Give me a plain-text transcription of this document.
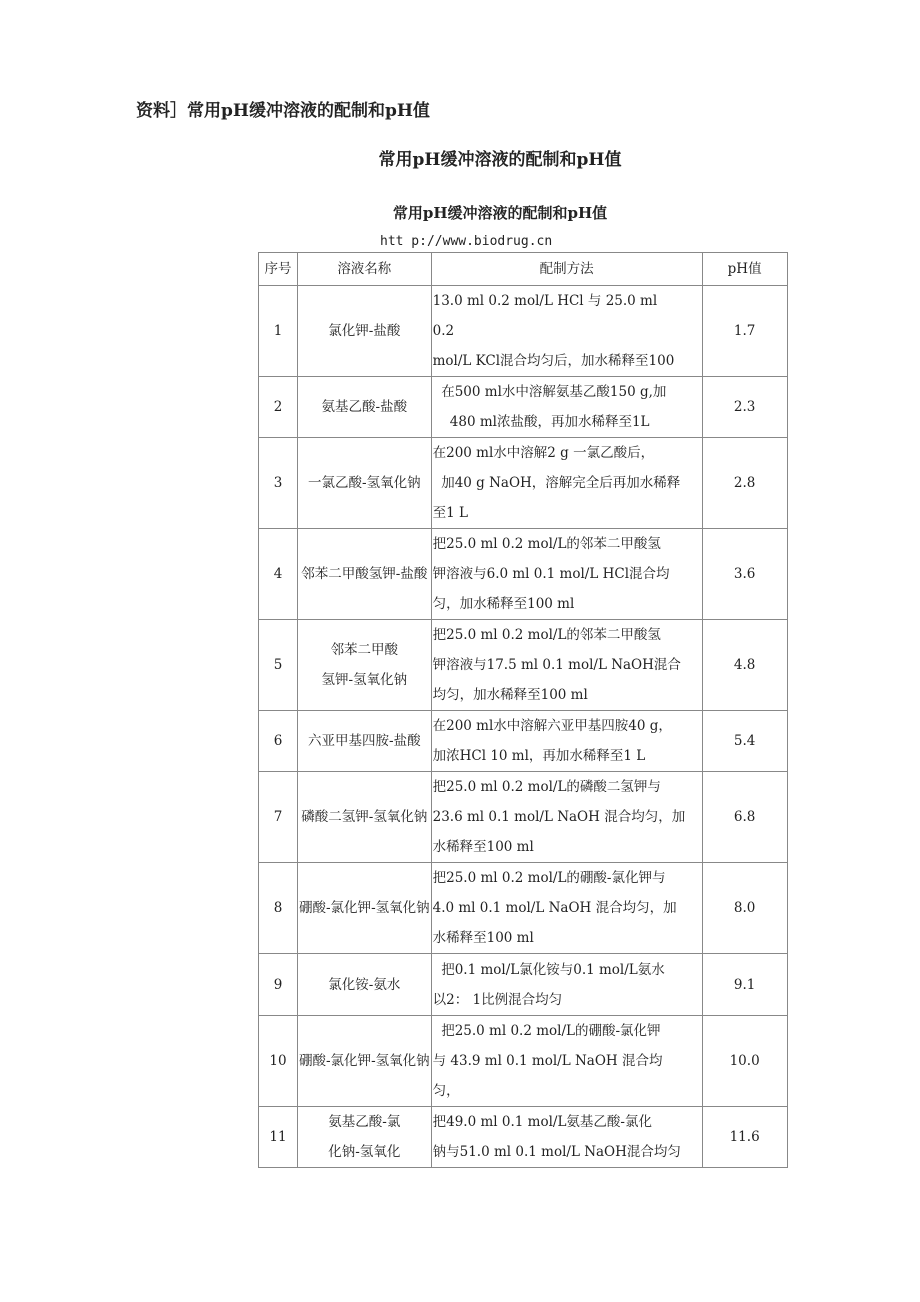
资料］常用pH缓冲溶液的配制和pH值
常用pH缓冲溶液的配制和pH值
常用pH缓冲溶液的配制和pH值
htt p://www.biodrug.cn
序号	溶液名称	配制方法	pH值
1	氯化钾-盐酸	13.0 ml 0.2 mol/L HCl 与 25.0 ml
0.2
mol/L KCl混合均匀后，加水稀释至100	1.7
2	氨基乙酸-盐酸	在500 ml水中溶解氨基乙酸150 g,加
480 ml浓盐酸，再加水稀释至1L	2.3
3	一氯乙酸-氢氧化钠	在200 ml水中溶解2 g 一氯乙酸后，
加40 g NaOH，溶解完全后再加水稀释
至1 L	2.8
4	邻苯二甲酸氢钾-盐酸	把25.0 ml 0.2 mol/L的邻苯二甲酸氢
钾溶液与6.0 ml 0.1 mol/L HCl混合均
匀，加水稀释至100 ml	3.6
5	邻苯二甲酸氢钾-氢氧化钠	把25.0 ml 0.2 mol/L的邻苯二甲酸氢
钾溶液与17.5 ml 0.1 mol/L NaOH混合
均匀，加水稀释至100 ml	4.8
6	六亚甲基四胺-盐酸	在200 ml水中溶解六亚甲基四胺40 g，
加浓HCl 10 ml，再加水稀释至1 L	5.4
7	磷酸二氢钾-氢氧化钠	把25.0 ml 0.2 mol/L的磷酸二氢钾与
23.6 ml 0.1 mol/L NaOH 混合均匀，加
水稀释至100 ml	6.8
8	硼酸-氯化钾-氢氧化钠	把25.0 ml 0.2 mol/L的硼酸-氯化钾与
4.0 ml 0.1 mol/L NaOH 混合均匀，加
水稀释至100 ml	8.0
9	氯化铵-氨水	把0.1 mol/L氯化铵与0.1 mol/L氨水
以2： 1比例混合均匀	9.1
10	硼酸-氯化钾-氢氧化钠	把25.0 ml 0.2 mol/L的硼酸-氯化钾
与 43.9 ml 0.1 mol/L NaOH 混合均
匀，	10.0
11	氨基乙酸-氯化钠-氢氧化	把49.0 ml 0.1 mol/L氨基乙酸-氯化
钠与51.0 ml 0.1 mol/L NaOH混合均匀	11.6
